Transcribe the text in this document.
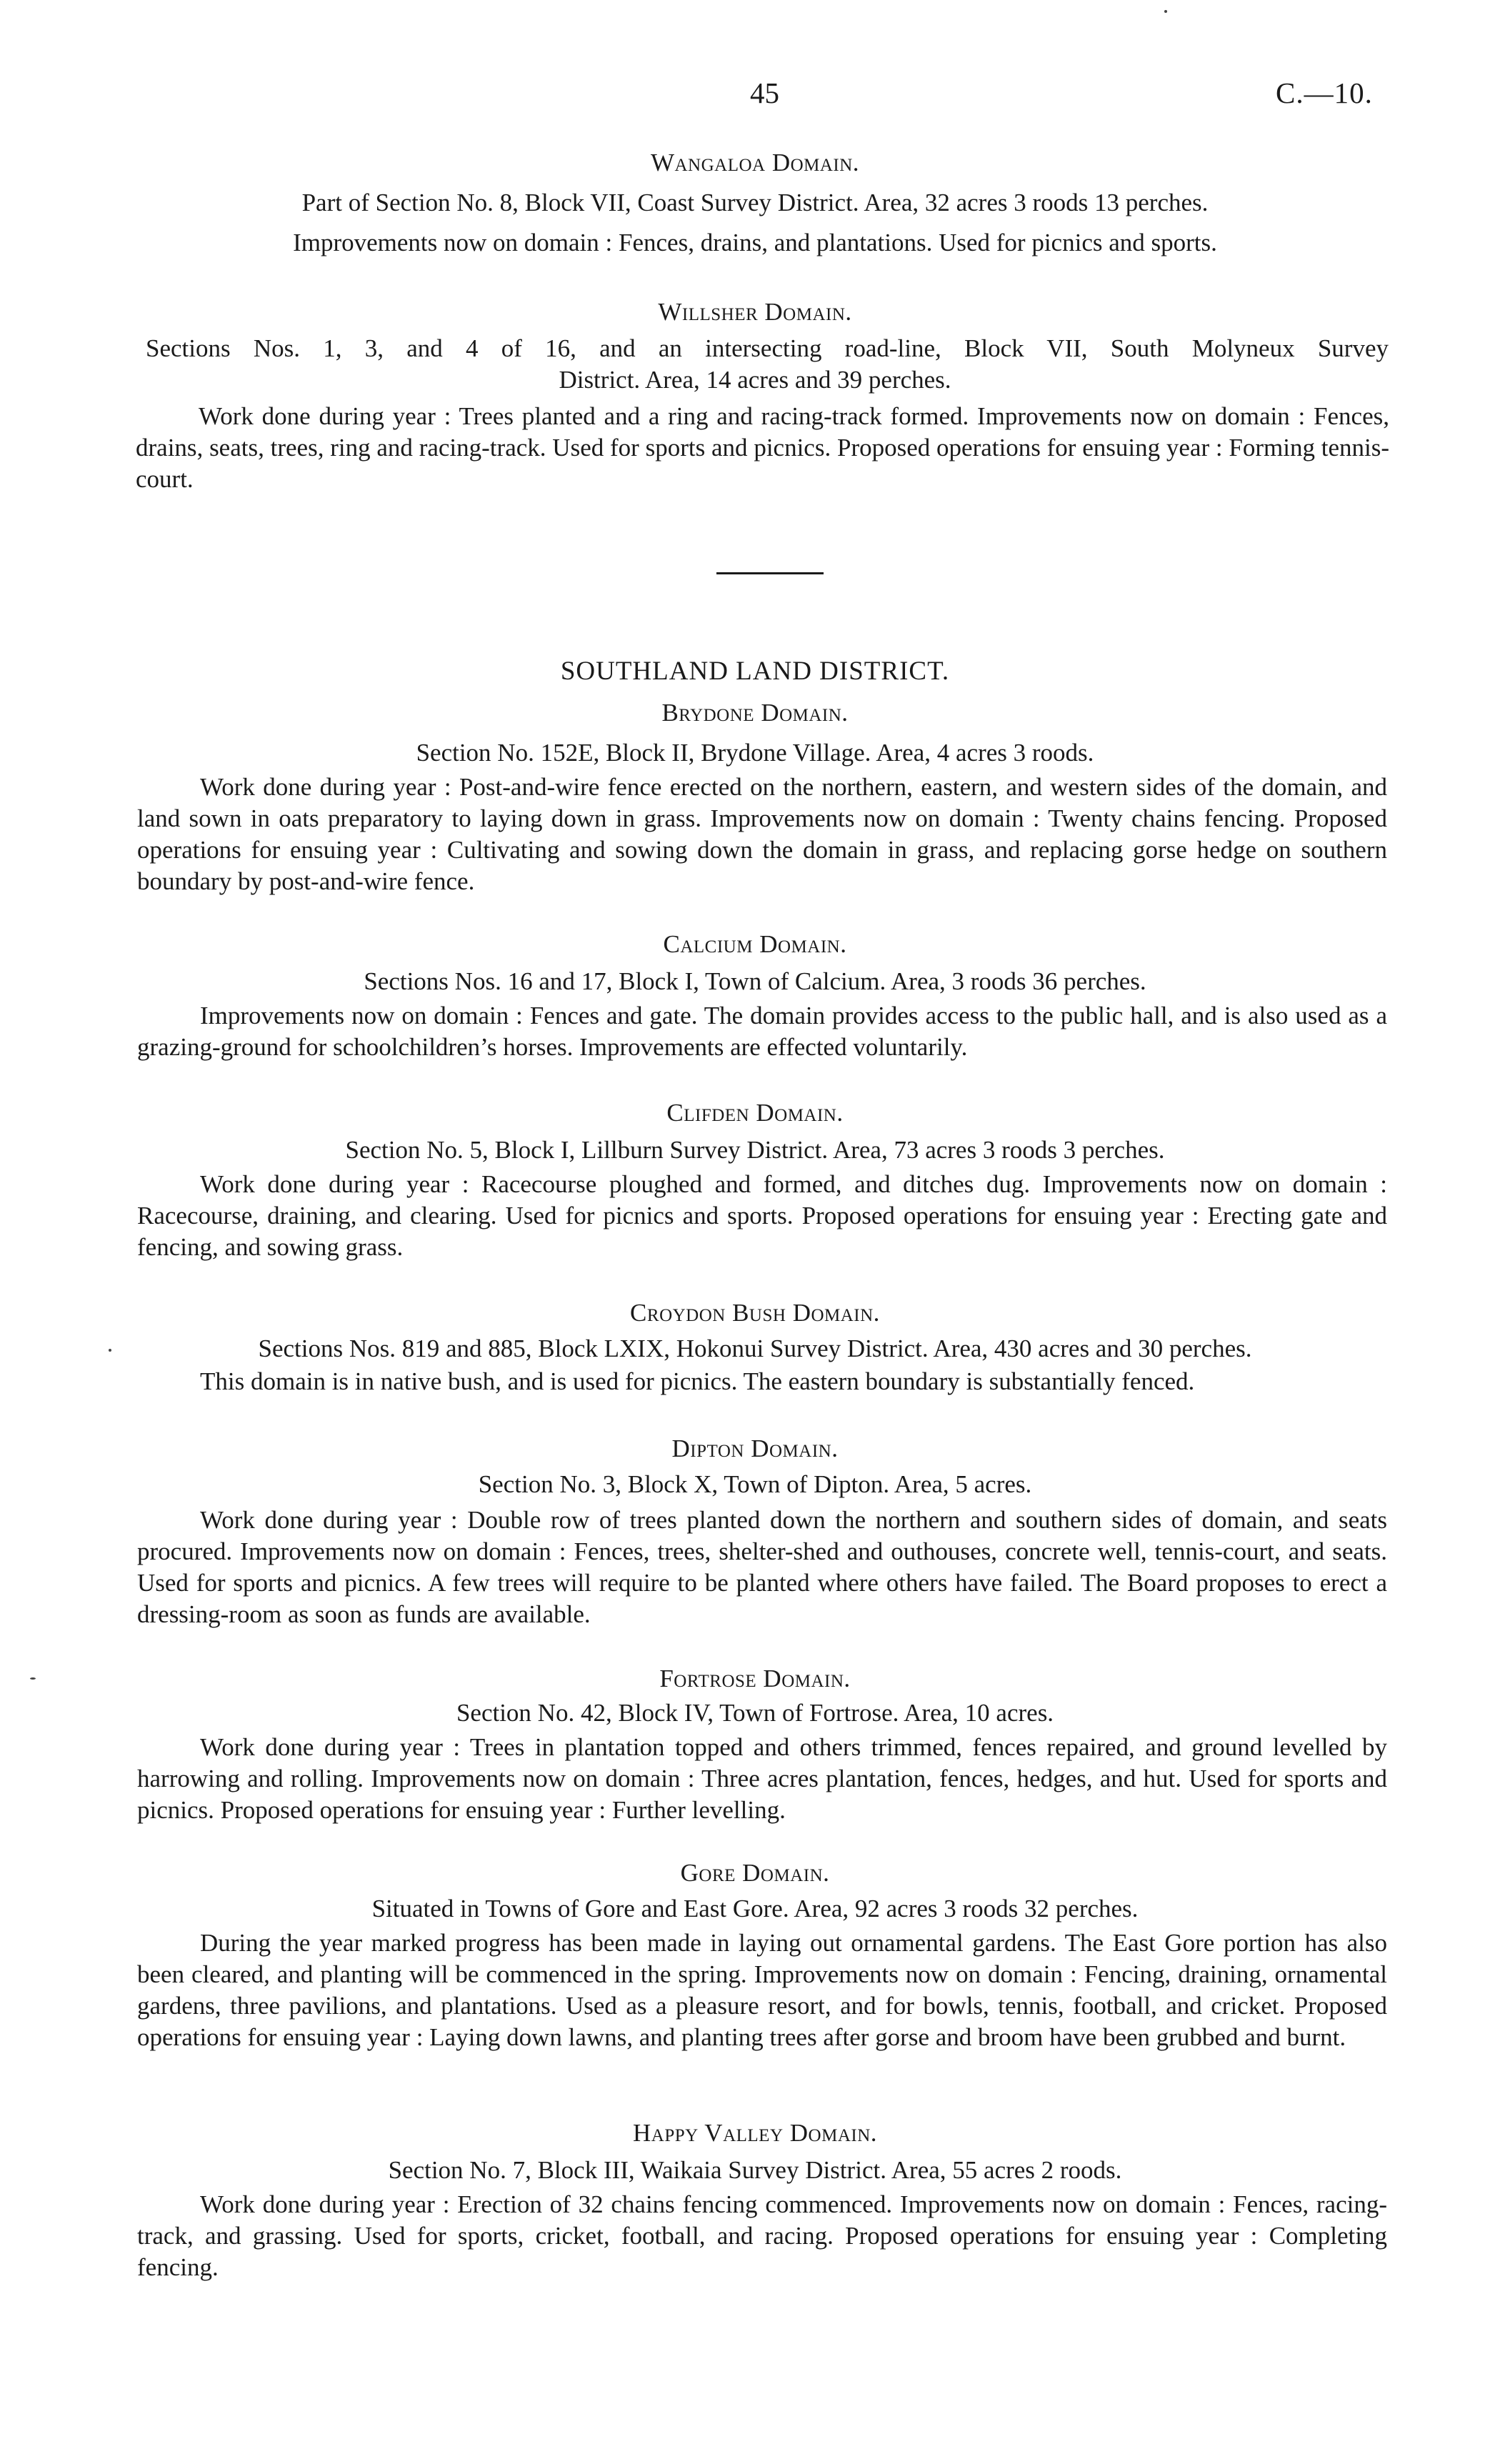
45	C.—10.
Wangaloa Domain.
Part of Section No. 8, Block VII, Coast Survey District. Area, 32 acres 3 roods 13 perches.
Improvements now on domain : Fences, drains, and plantations. Used for picnics and sports.
Willsher Domain.
Sections Nos. 1, 3, and 4 of 16, and an intersecting road-line, Block VII, South Molyneux Survey
District. Area, 14 acres and 39 perches.
Work done during year : Trees planted and a ring and racing-track formed. Improvements now on domain : Fences, drains, seats, trees, ring and racing-track. Used for sports and picnics. Proposed operations for ensuing year : Forming tennis-court.
SOUTHLAND LAND DISTRICT.
Brydone Domain.
Section No. 152E, Block II, Brydone Village. Area, 4 acres 3 roods.
Work done during year : Post-and-wire fence erected on the northern, eastern, and western sides of the domain, and land sown in oats preparatory to laying down in grass. Improvements now on domain : Twenty chains fencing. Proposed operations for ensuing year : Cultivating and sowing down the domain in grass, and replacing gorse hedge on southern boundary by post-and-wire fence.
Calcium Domain.
Sections Nos. 16 and 17, Block I, Town of Calcium. Area, 3 roods 36 perches.
Improvements now on domain : Fences and gate. The domain provides access to the public hall, and is also used as a grazing-ground for schoolchildren’s horses. Improvements are effected voluntarily.
Clifden Domain.
Section No. 5, Block I, Lillburn Survey District. Area, 73 acres 3 roods 3 perches.
Work done during year : Racecourse ploughed and formed, and ditches dug. Improvements now on domain : Racecourse, draining, and clearing. Used for picnics and sports. Proposed operations for ensuing year : Erecting gate and fencing, and sowing grass.
Croydon Bush Domain.
Sections Nos. 819 and 885, Block LXIX, Hokonui Survey District. Area, 430 acres and 30 perches.
This domain is in native bush, and is used for picnics. The eastern boundary is substantially fenced.
Dipton Domain.
Section No. 3, Block X, Town of Dipton. Area, 5 acres.
Work done during year : Double row of trees planted down the northern and southern sides of domain, and seats procured. Improvements now on domain : Fences, trees, shelter-shed and outhouses, concrete well, tennis-court, and seats. Used for sports and picnics. A few trees will require to be planted where others have failed. The Board proposes to erect a dressing-room as soon as funds are available.
Fortrose Domain.
Section No. 42, Block IV, Town of Fortrose. Area, 10 acres.
Work done during year : Trees in plantation topped and others trimmed, fences repaired, and ground levelled by harrowing and rolling. Improvements now on domain : Three acres plantation, fences, hedges, and hut. Used for sports and picnics. Proposed operations for ensuing year : Further levelling.
Gore Domain.
Situated in Towns of Gore and East Gore. Area, 92 acres 3 roods 32 perches.
During the year marked progress has been made in laying out ornamental gardens. The East Gore portion has also been cleared, and planting will be commenced in the spring. Improvements now on domain : Fencing, draining, ornamental gardens, three pavilions, and plantations. Used as a pleasure resort, and for bowls, tennis, football, and cricket. Proposed operations for ensuing year : Laying down lawns, and planting trees after gorse and broom have been grubbed and burnt.
Happy Valley Domain.
Section No. 7, Block III, Waikaia Survey District. Area, 55 acres 2 roods.
Work done during year : Erection of 32 chains fencing commenced. Improvements now on domain : Fences, racing-track, and grassing. Used for sports, cricket, football, and racing. Proposed operations for ensuing year : Completing fencing.
